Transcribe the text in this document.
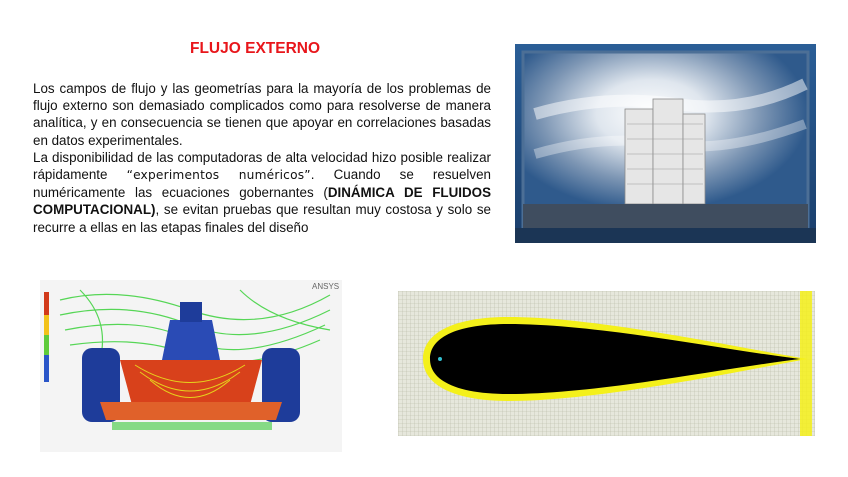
FLUJO EXTERNO

Los campos de flujo y las geometrías para la mayoría de los problemas de flujo externo son demasiado complicados como para resolverse de manera analítica, y en consecuencia se tienen que apoyar en correlaciones basadas en datos experimentales.

La disponibilidad de las computadoras de alta velocidad hizo posible realizar rápidamente “experimentos numéricos”. Cuando se resuelven numéricamente las ecuaciones gobernantes (DINÁMICA DE FLUIDOS COMPUTACIONAL), se evitan pruebas que resultan muy costosa y solo se recurre a ellas en las etapas finales del diseño

ANSYS
